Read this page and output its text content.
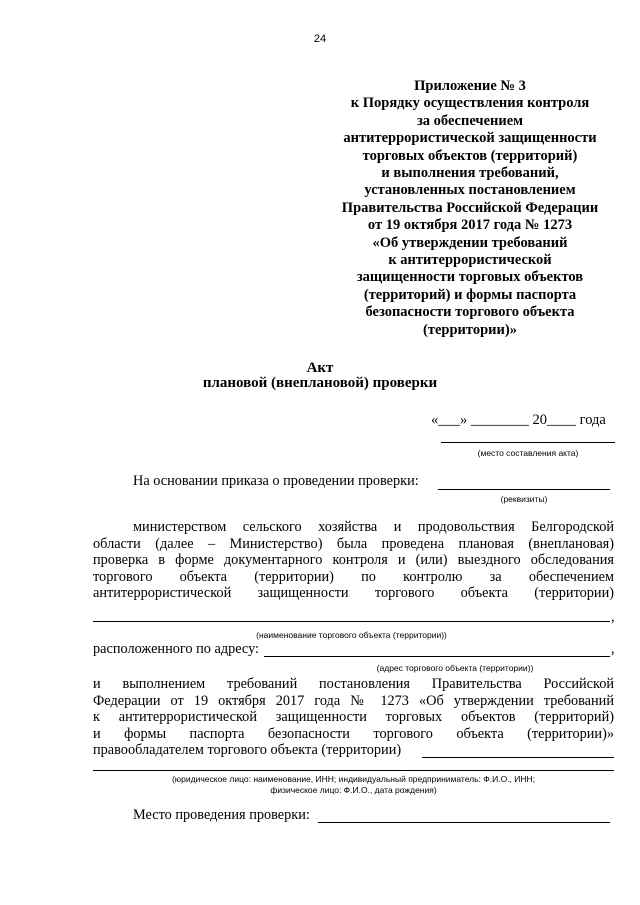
24
Приложение № 3
к Порядку осуществления контроля
за обеспечением
антитеррористической защищенности
торговых объектов (территорий)
и выполнения требований,
установленных постановлением
Правительства Российской Федерации
от 19 октября 2017 года № 1273
«Об утверждении требований
к антитеррористической
защищенности торговых объектов
(территорий) и формы паспорта
безопасности торгового объекта
(территории)»
Акт
плановой (внеплановой) проверки
«___» ________ 20____ года
(место составления акта)
На основании приказа о проведении проверки:
(реквизиты)
министерством сельского хозяйства и продовольствия Белгородской
области (далее – Министерство) была проведена плановая (внеплановая)
проверка в форме документарного контроля и (или) выездного обследования
торгового объекта (территории) по контролю за обеспечением
антитеррористической защищенности торгового объекта (территории)
,
(наименование торгового объекта (территории))
расположенного по адресу:	,
(адрес торгового объекта (территории))
и выполнением требований постановления Правительства Российской
Федерации от 19 октября 2017 года № 1273 «Об утверждении требований
к антитеррористической защищенности торговых объектов (территорий)
и формы паспорта безопасности торгового объекта (территории)»
правообладателем торгового объекта (территории)
(юридическое лицо: наименование, ИНН; индивидуальный предприниматель: Ф.И.О., ИНН;
физическое лицо: Ф.И.О., дата рождения)
Место проведения проверки:
